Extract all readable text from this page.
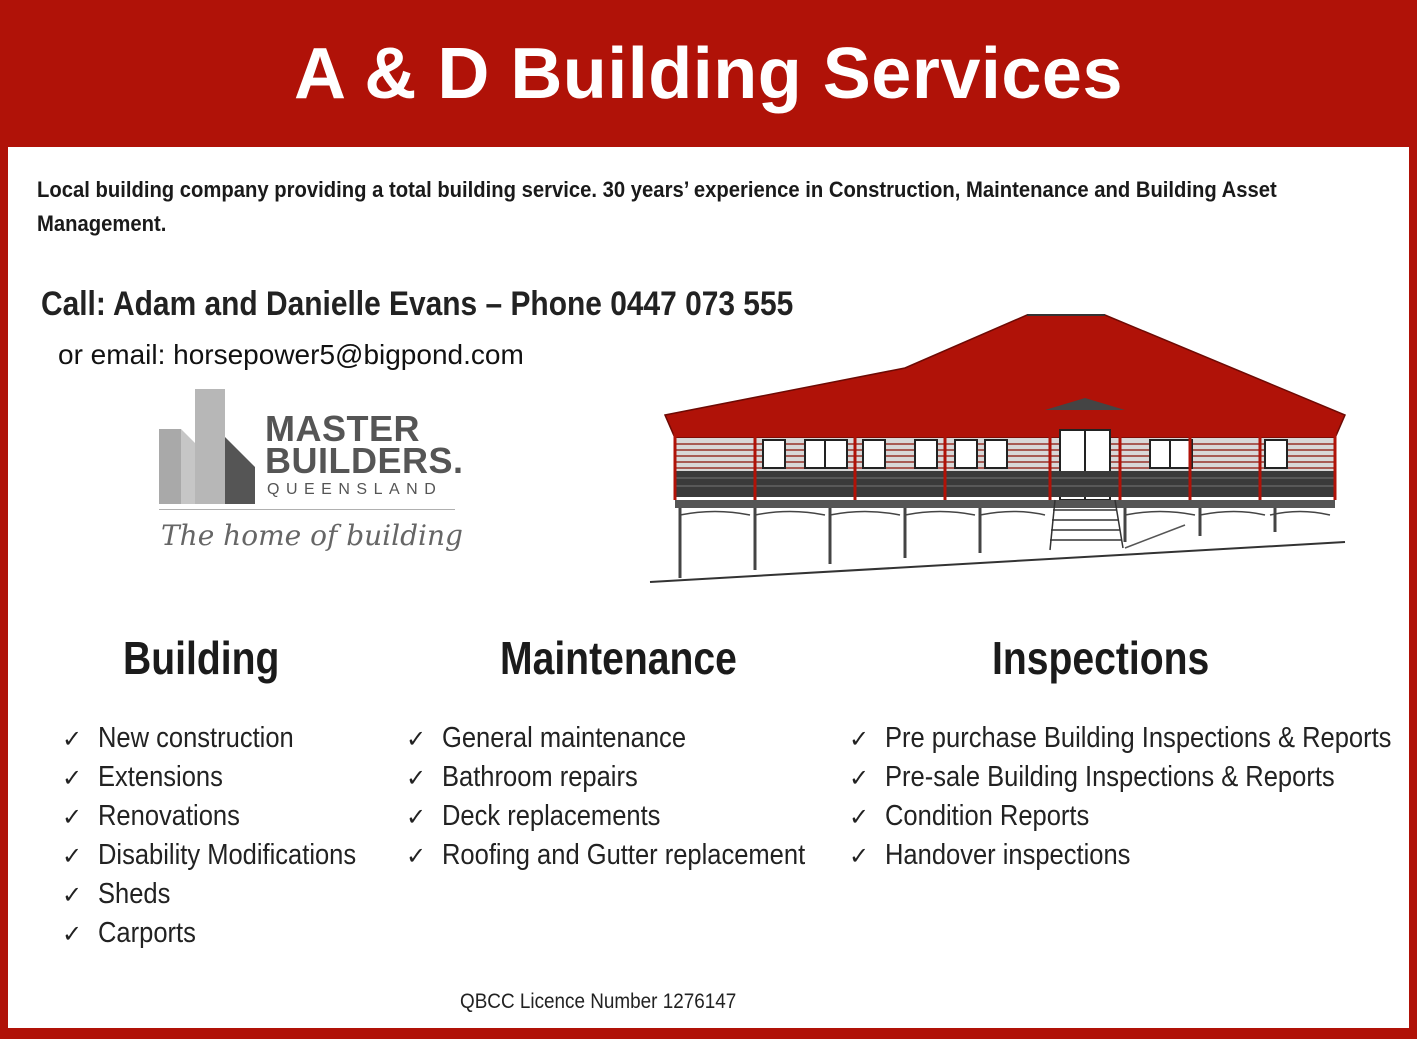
A & D Building Services
Local building company providing a total building service. 30 years’ experience in Construction, Maintenance and Building Asset Management.
Call: Adam and Danielle Evans – Phone 0447 073 555
or email: horsepower5@bigpond.com
MASTER
BUILDERS.
QUEENSLAND
The home of building
Building	Maintenance	Inspections
✓ New construction
✓ Extensions
✓ Renovations
✓ Disability Modifications
✓ Sheds
✓ Carports
✓ General maintenance
✓ Bathroom repairs
✓ Deck replacements
✓ Roofing and Gutter replacement
✓ Pre purchase Building Inspections & Reports
✓ Pre-sale Building Inspections & Reports
✓ Condition Reports
✓ Handover inspections
QBCC Licence Number 1276147
